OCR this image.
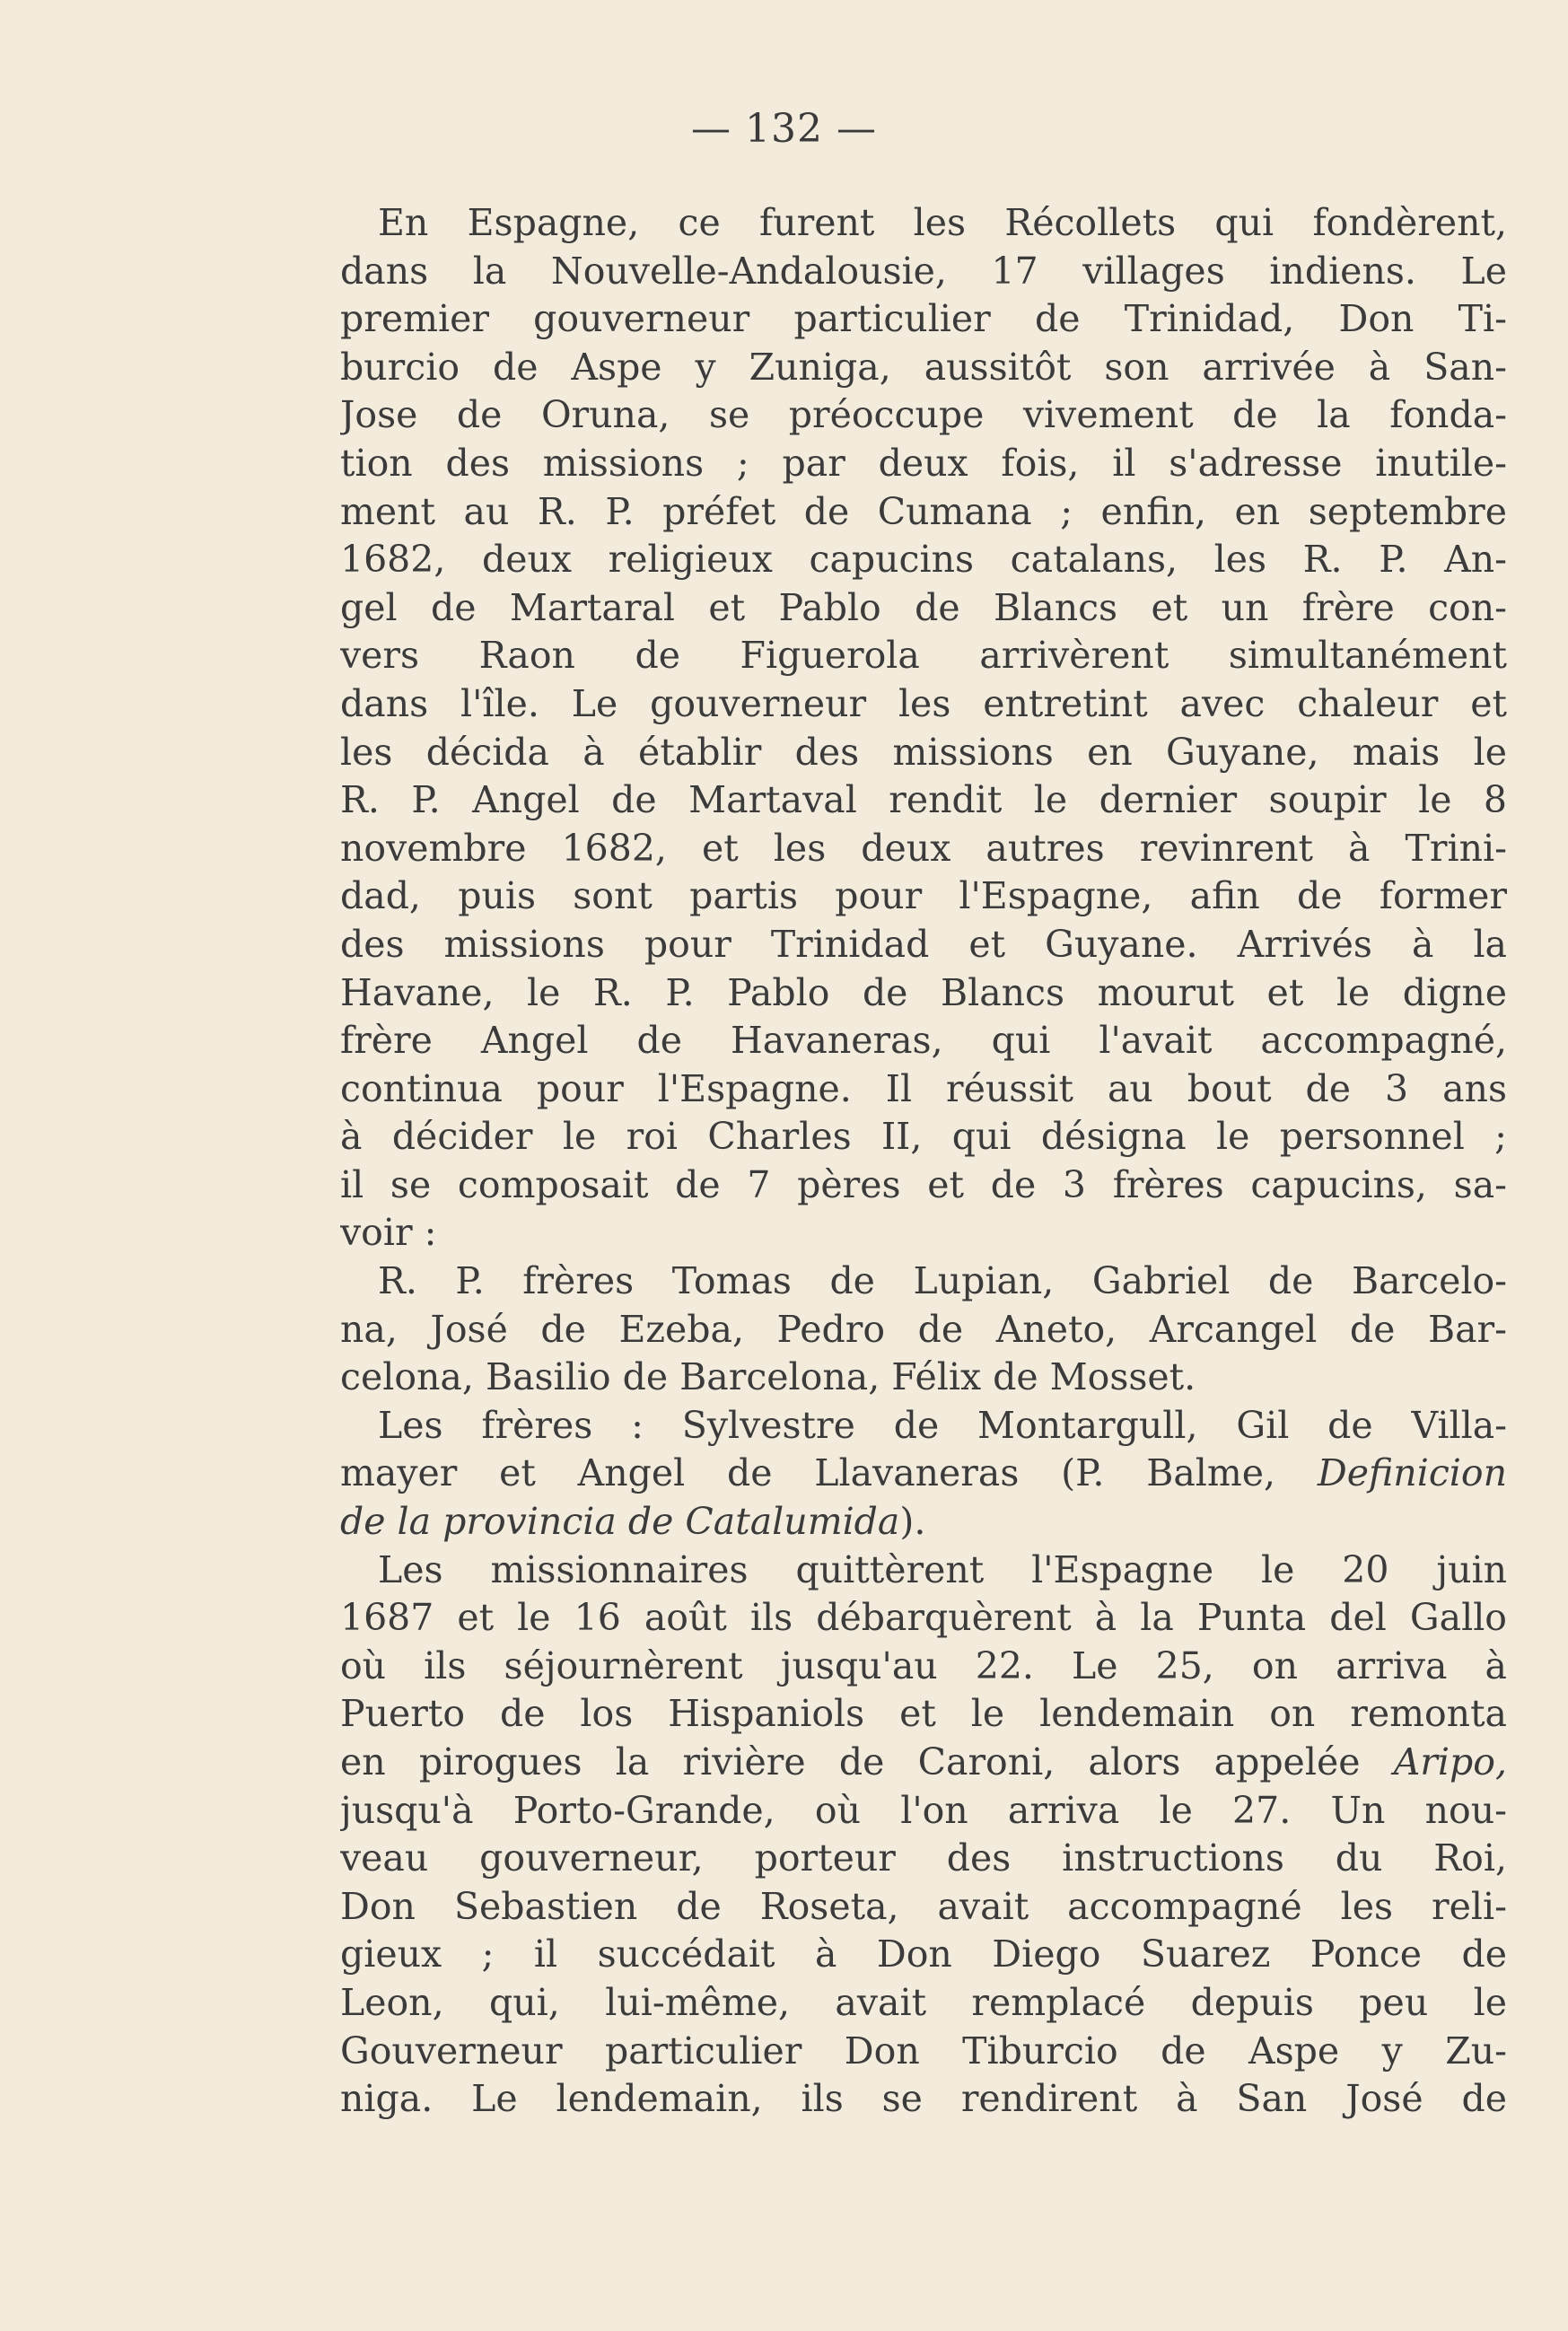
— 132 —
En Espagne, ce furent les Récollets qui fondèrent,
dans la Nouvelle-Andalousie, 17 villages indiens. Le
premier gouverneur particulier de Trinidad, Don Ti-
burcio de Aspe y Zuniga, aussitôt son arrivée à San-
Jose de Oruna, se préoccupe vivement de la fonda-
tion des missions ; par deux fois, il s'adresse inutile-
ment au R. P. préfet de Cumana ; enfin, en septembre
1682, deux religieux capucins catalans, les R. P. An-
gel de Martaral et Pablo de Blancs et un frère con-
vers Raon de Figuerola arrivèrent simultanément
dans l'île. Le gouverneur les entretint avec chaleur et
les décida à établir des missions en Guyane, mais le
R. P. Angel de Martaval rendit le dernier soupir le 8
novembre 1682, et les deux autres revinrent à Trini-
dad, puis sont partis pour l'Espagne, afin de former
des missions pour Trinidad et Guyane. Arrivés à la
Havane, le R. P. Pablo de Blancs mourut et le digne
frère Angel de Havaneras, qui l'avait accompagné,
continua pour l'Espagne. Il réussit au bout de 3 ans
à décider le roi Charles II, qui désigna le personnel ;
il se composait de 7 pères et de 3 frères capucins, sa-
voir :
R. P. frères Tomas de Lupian, Gabriel de Barcelo-
na, José de Ezeba, Pedro de Aneto, Arcangel de Bar-
celona, Basilio de Barcelona, Félix de Mosset.
Les frères : Sylvestre de Montargull, Gil de Villa-
mayer et Angel de Llavaneras (P. Balme, Definicion
de la provincia de Catalumida).
Les missionnaires quittèrent l'Espagne le 20 juin
1687 et le 16 août ils débarquèrent à la Punta del Gallo
où ils séjournèrent jusqu'au 22. Le 25, on arriva à
Puerto de los Hispaniols et le lendemain on remonta
en pirogues la rivière de Caroni, alors appelée Aripo,
jusqu'à Porto-Grande, où l'on arriva le 27. Un nou-
veau gouverneur, porteur des instructions du Roi,
Don Sebastien de Roseta, avait accompagné les reli-
gieux ; il succédait à Don Diego Suarez Ponce de
Leon, qui, lui-même, avait remplacé depuis peu le
Gouverneur particulier Don Tiburcio de Aspe y Zu-
niga. Le lendemain, ils se rendirent à San José de
